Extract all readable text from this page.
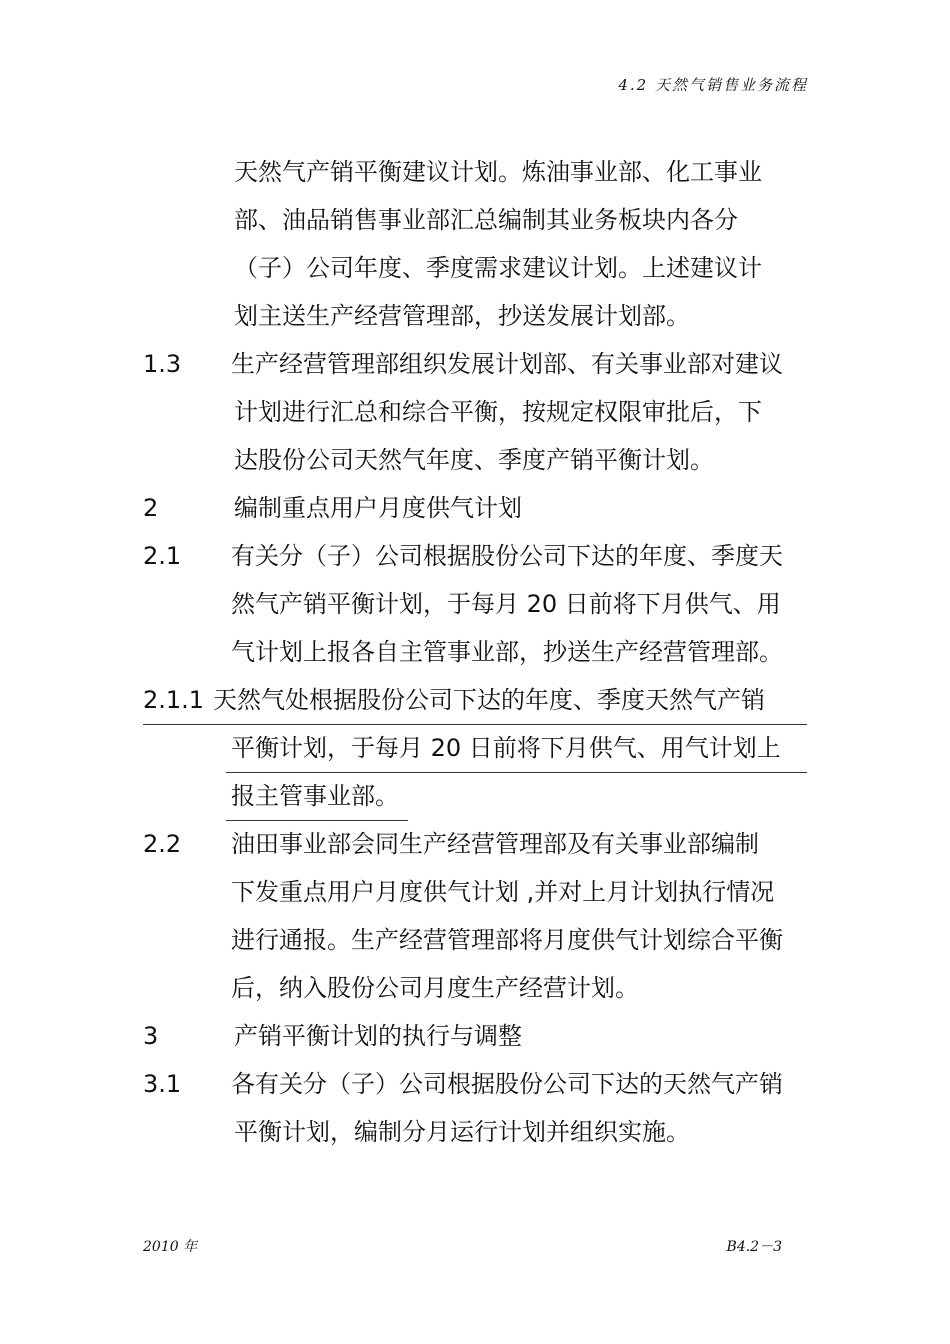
4.2 天然气销售业务流程
天然气产销平衡建议计划。炼油事业部、化工事业
部、油品销售事业部汇总编制其业务板块内各分
（子）公司年度、季度需求建议计划。上述建议计
划主送生产经营管理部，抄送发展计划部。
1.3 生产经营管理部组织发展计划部、有关事业部对建议
计划进行汇总和综合平衡，按规定权限审批后，下
达股份公司天然气年度、季度产销平衡计划。
2	编制重点用户月度供气计划
2.1 有关分（子）公司根据股份公司下达的年度、季度天
然气产销平衡计划，于每月 20 日前将下月供气、用
气计划上报各自主管事业部，抄送生产经营管理部。
2.1.1 天然气处根据股份公司下达的年度、季度天然气产销
平衡计划，于每月 20 日前将下月供气、用气计划上
报主管事业部。
2.2 油田事业部会同生产经营管理部及有关事业部编制
下发重点用户月度供气计划 ,并对上月计划执行情况
进行通报。生产经营管理部将月度供气计划综合平衡
后，纳入股份公司月度生产经营计划。
3	产销平衡计划的执行与调整
3.1 各有关分（子）公司根据股份公司下达的天然气产销
平衡计划，编制分月运行计划并组织实施。
2010 年	B4.2－3
